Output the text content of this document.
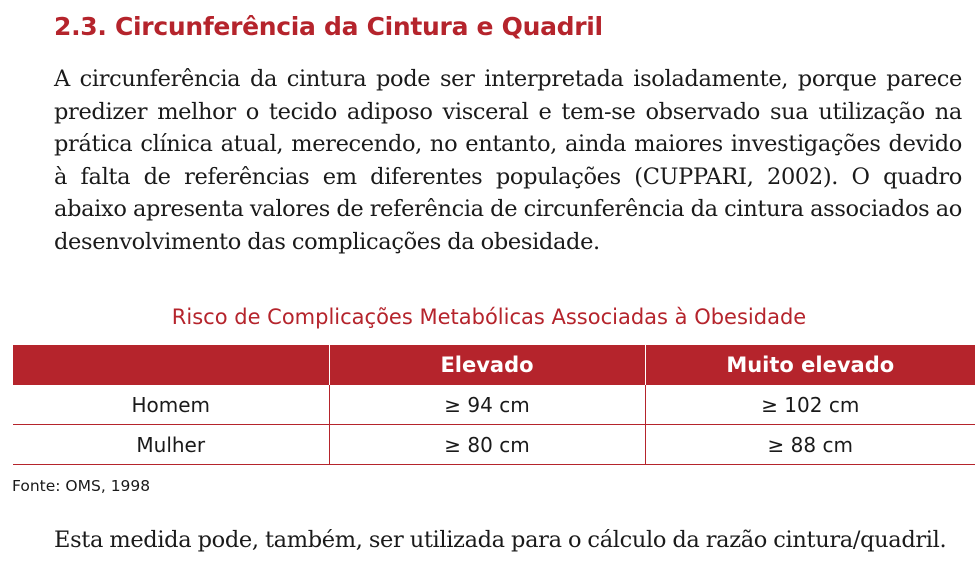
2.3. Circunferência da Cintura e Quadril

A circunferência da cintura pode ser interpretada isoladamente, porque parece predizer melhor o tecido adiposo visceral e tem-se observado sua utilização na prática clínica atual, merecendo, no entanto, ainda maiores investigações devido à falta de referências em diferentes populações (CUPPARI, 2002). O quadro abaixo apresenta valores de referência de circunferência da cintura associados ao desenvolvimento das complicações da obesidade.

Risco de Complicações Metabólicas Associadas à Obesidade

	Elevado	Muito elevado
Homem	≥ 94 cm	≥ 102 cm
Mulher	≥ 80 cm	≥ 88 cm

Fonte: OMS, 1998

Esta medida pode, também, ser utilizada para o cálculo da razão cintura/quadril.
